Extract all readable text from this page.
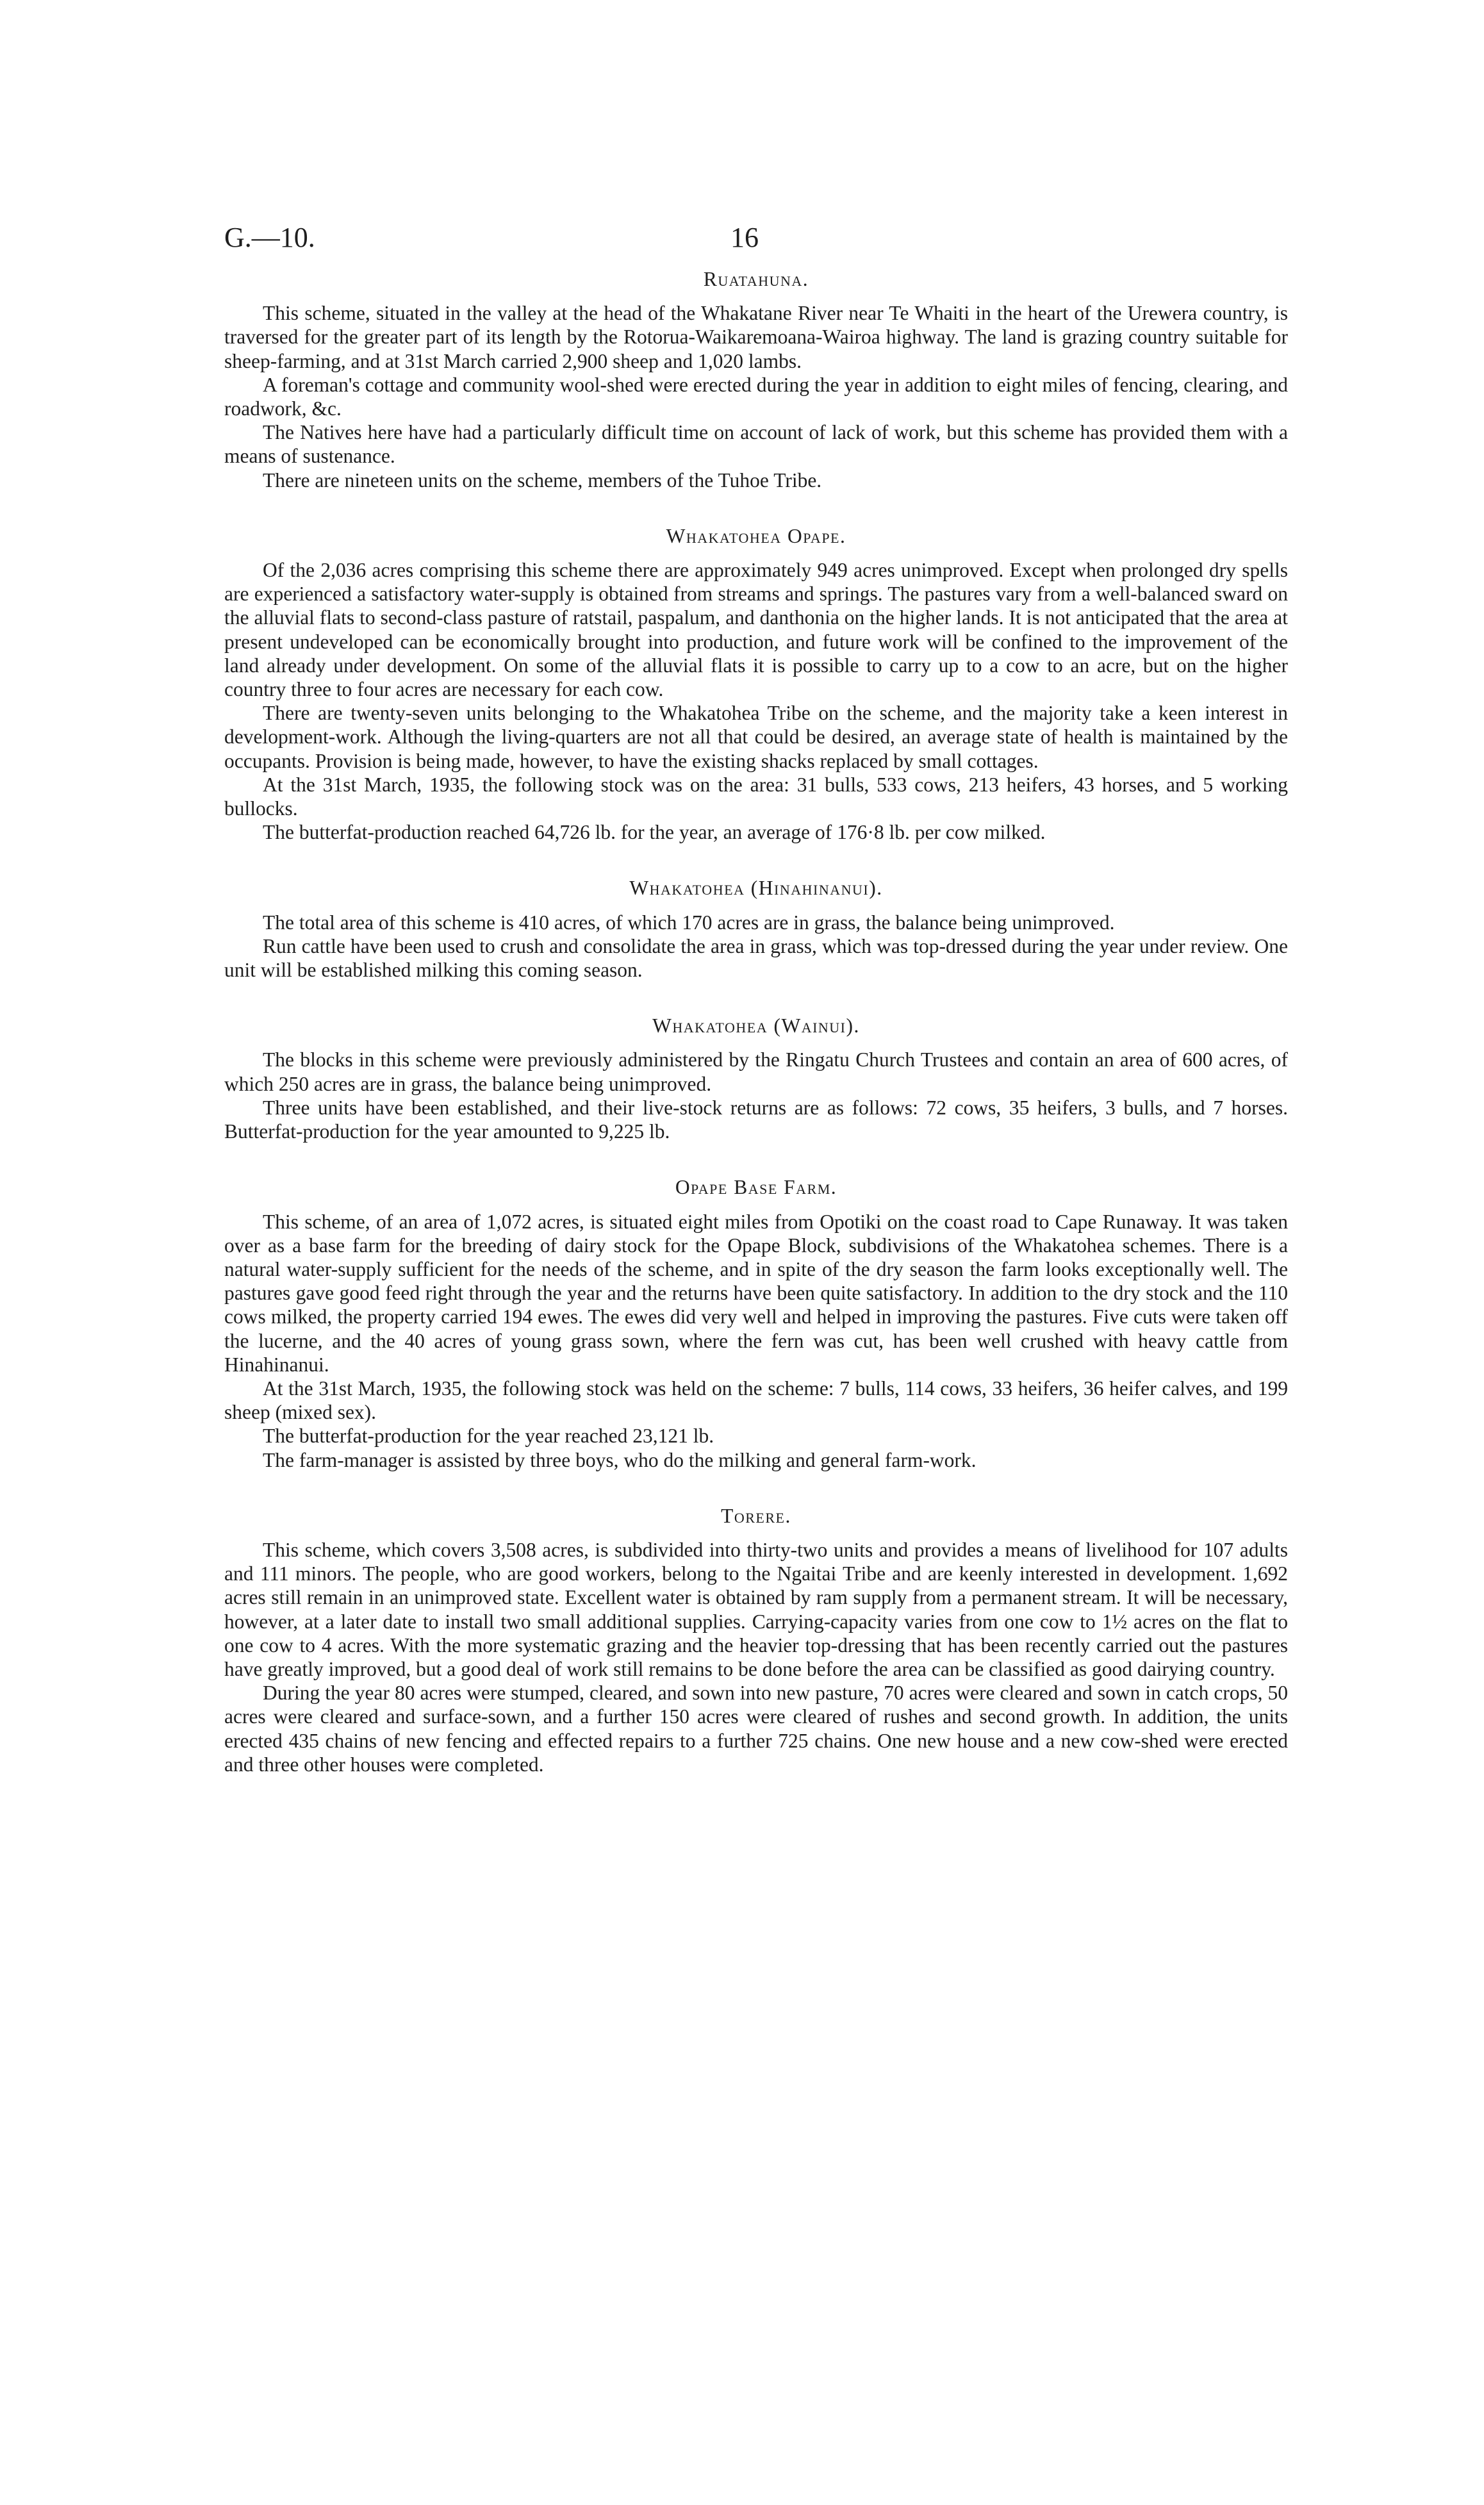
G.—10.	16
Ruatahuna.

This scheme, situated in the valley at the head of the Whakatane River near Te Whaiti in the heart of the Urewera country, is traversed for the greater part of its length by the Rotorua-Waikaremoana-Wairoa highway. The land is grazing country suitable for sheep-farming, and at 31st March carried 2,900 sheep and 1,020 lambs.

A foreman's cottage and community wool-shed were erected during the year in addition to eight miles of fencing, clearing, and roadwork, &c.

The Natives here have had a particularly difficult time on account of lack of work, but this scheme has provided them with a means of sustenance.

There are nineteen units on the scheme, members of the Tuhoe Tribe.

Whakatohea Opape.

Of the 2,036 acres comprising this scheme there are approximately 949 acres unimproved. Except when prolonged dry spells are experienced a satisfactory water-supply is obtained from streams and springs. The pastures vary from a well-balanced sward on the alluvial flats to second-class pasture of ratstail, paspalum, and danthonia on the higher lands. It is not anticipated that the area at present undeveloped can be economically brought into production, and future work will be confined to the improvement of the land already under development. On some of the alluvial flats it is possible to carry up to a cow to an acre, but on the higher country three to four acres are necessary for each cow.

There are twenty-seven units belonging to the Whakatohea Tribe on the scheme, and the majority take a keen interest in development-work. Although the living-quarters are not all that could be desired, an average state of health is maintained by the occupants. Provision is being made, however, to have the existing shacks replaced by small cottages.

At the 31st March, 1935, the following stock was on the area: 31 bulls, 533 cows, 213 heifers, 43 horses, and 5 working bullocks.

The butterfat-production reached 64,726 lb. for the year, an average of 176·8 lb. per cow milked.

Whakatohea (Hinahinanui).

The total area of this scheme is 410 acres, of which 170 acres are in grass, the balance being unimproved.

Run cattle have been used to crush and consolidate the area in grass, which was top-dressed during the year under review. One unit will be established milking this coming season.

Whakatohea (Wainui).

The blocks in this scheme were previously administered by the Ringatu Church Trustees and contain an area of 600 acres, of which 250 acres are in grass, the balance being unimproved.

Three units have been established, and their live-stock returns are as follows: 72 cows, 35 heifers, 3 bulls, and 7 horses. Butterfat-production for the year amounted to 9,225 lb.

Opape Base Farm.

This scheme, of an area of 1,072 acres, is situated eight miles from Opotiki on the coast road to Cape Runaway. It was taken over as a base farm for the breeding of dairy stock for the Opape Block, subdivisions of the Whakatohea schemes. There is a natural water-supply sufficient for the needs of the scheme, and in spite of the dry season the farm looks exceptionally well. The pastures gave good feed right through the year and the returns have been quite satisfactory. In addition to the dry stock and the 110 cows milked, the property carried 194 ewes. The ewes did very well and helped in improving the pastures. Five cuts were taken off the lucerne, and the 40 acres of young grass sown, where the fern was cut, has been well crushed with heavy cattle from Hinahinanui.

At the 31st March, 1935, the following stock was held on the scheme: 7 bulls, 114 cows, 33 heifers, 36 heifer calves, and 199 sheep (mixed sex).

The butterfat-production for the year reached 23,121 lb.

The farm-manager is assisted by three boys, who do the milking and general farm-work.

Torere.

This scheme, which covers 3,508 acres, is subdivided into thirty-two units and provides a means of livelihood for 107 adults and 111 minors. The people, who are good workers, belong to the Ngaitai Tribe and are keenly interested in development. 1,692 acres still remain in an unimproved state. Excellent water is obtained by ram supply from a permanent stream. It will be necessary, however, at a later date to install two small additional supplies. Carrying-capacity varies from one cow to 1½ acres on the flat to one cow to 4 acres. With the more systematic grazing and the heavier top-dressing that has been recently carried out the pastures have greatly improved, but a good deal of work still remains to be done before the area can be classified as good dairying country.

During the year 80 acres were stumped, cleared, and sown into new pasture, 70 acres were cleared and sown in catch crops, 50 acres were cleared and surface-sown, and a further 150 acres were cleared of rushes and second growth. In addition, the units erected 435 chains of new fencing and effected repairs to a further 725 chains. One new house and a new cow-shed were erected and three other houses were completed.
